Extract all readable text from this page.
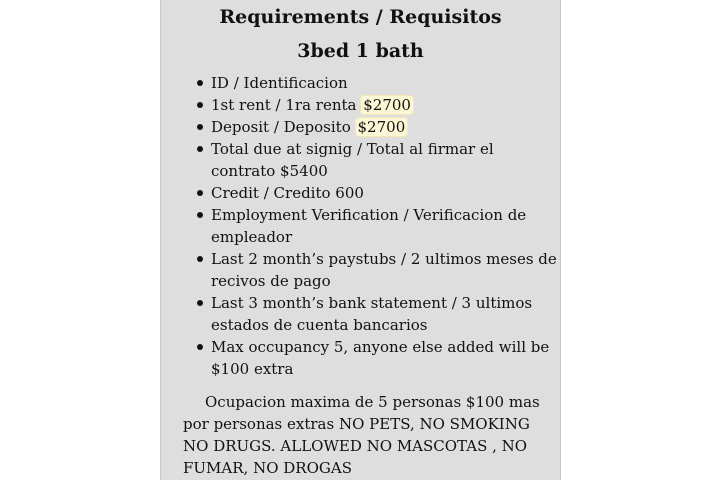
Requirements / Requisitos
3bed 1 bath
ID / Identificacion
1st rent / 1ra renta $2700
Deposit / Deposito $2700
Total due at signig / Total al firmar el contrato $5400
Credit / Credito 600
Employment Verification / Verificacion de empleador
Last 2 month’s paystubs / 2 ultimos meses de recivos de pago
Last 3 month’s bank statement / 3 ultimos estados de cuenta bancarios
Max occupancy 5, anyone else added will be $100 extra

Ocupacion maxima de 5 personas $100 mas por personas extras NO PETS, NO SMOKING NO DRUGS. ALLOWED NO MASCOTAS , NO FUMAR, NO DROGAS
